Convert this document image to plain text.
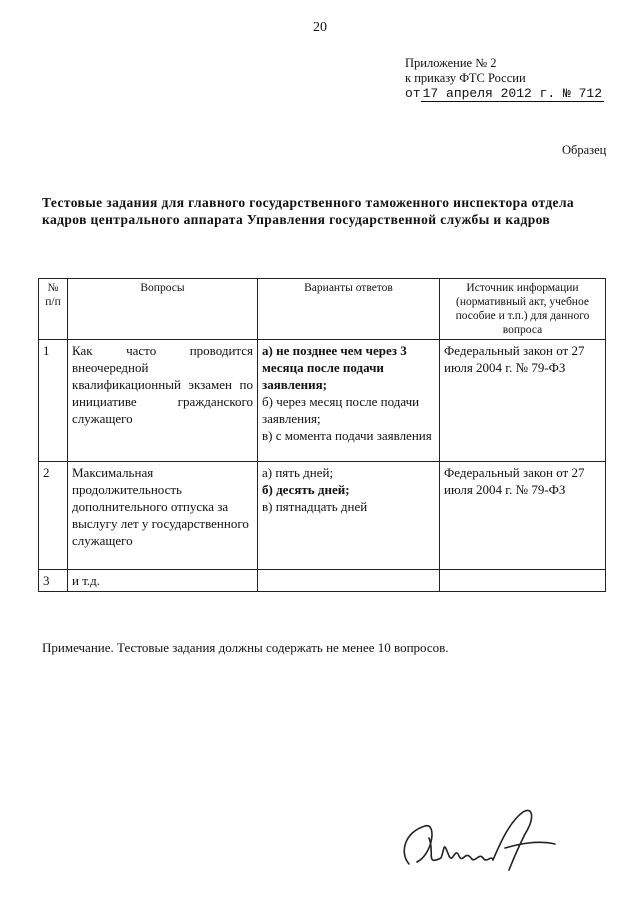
20
Приложение № 2
к приказу ФТС России
от 17 апреля 2012 г. № 712
Образец
Тестовые задания для главного государственного таможенного инспектора отдела кадров центрального аппарата Управления государственной службы и кадров
№ п/п	Вопросы	Варианты ответов	Источник информации (нормативный акт, учебное пособие и т.п.) для данного вопроса
1	Как часто проводится внеочередной квалификационный экзамен по инициативе гражданского служащего	а) не позднее чем через 3 месяца после подачи заявления;
б) через месяц после подачи заявления;
в) с момента подачи заявления	Федеральный закон от 27 июля 2004 г. № 79-ФЗ
2	Максимальная продолжительность дополнительного отпуска за выслугу лет у государственного служащего	а) пять дней;
б) десять дней;
в) пятнадцать дней	Федеральный закон от 27 июля 2004 г. № 79-ФЗ
3	и т.д.		
Примечание. Тестовые задания должны содержать не менее 10 вопросов.
